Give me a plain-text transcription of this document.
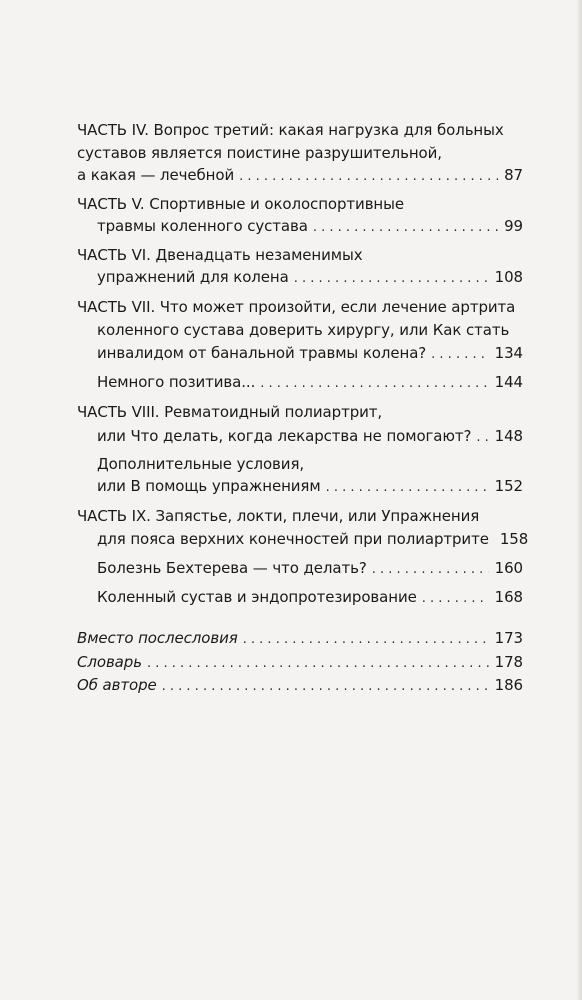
ЧАСТЬ IV. Вопрос третий: какая нагрузка для больных
суставов является поистине разрушительной,
а какая — лечебной . . .	87
ЧАСТЬ V. Спортивные и околоспортивные
травмы коленного сустава . . .	99
ЧАСТЬ VI. Двенадцать незаменимых
упражнений для колена . . .	108
ЧАСТЬ VII. Что может произойти, если лечение артрита
коленного сустава доверить хирургу, или Как стать
инвалидом от банальной травмы колена? . . .	134
Немного позитива... . . .	144
ЧАСТЬ VIII. Ревматоидный полиартрит,
или Что делать, когда лекарства не помогают? . . . 148
Дополнительные условия,
или В помощь упражнениям . . .	152
ЧАСТЬ IX. Запястье, локти, плечи, или Упражнения
для пояса верхних конечностей при полиартрите 158
Болезнь Бехтерева — что делать? . . .	160
Коленный сустав и эндопротезирование . . .	168
Вместо послесловия . . .	173
Словарь . . .	178
Об авторе . . .	186
